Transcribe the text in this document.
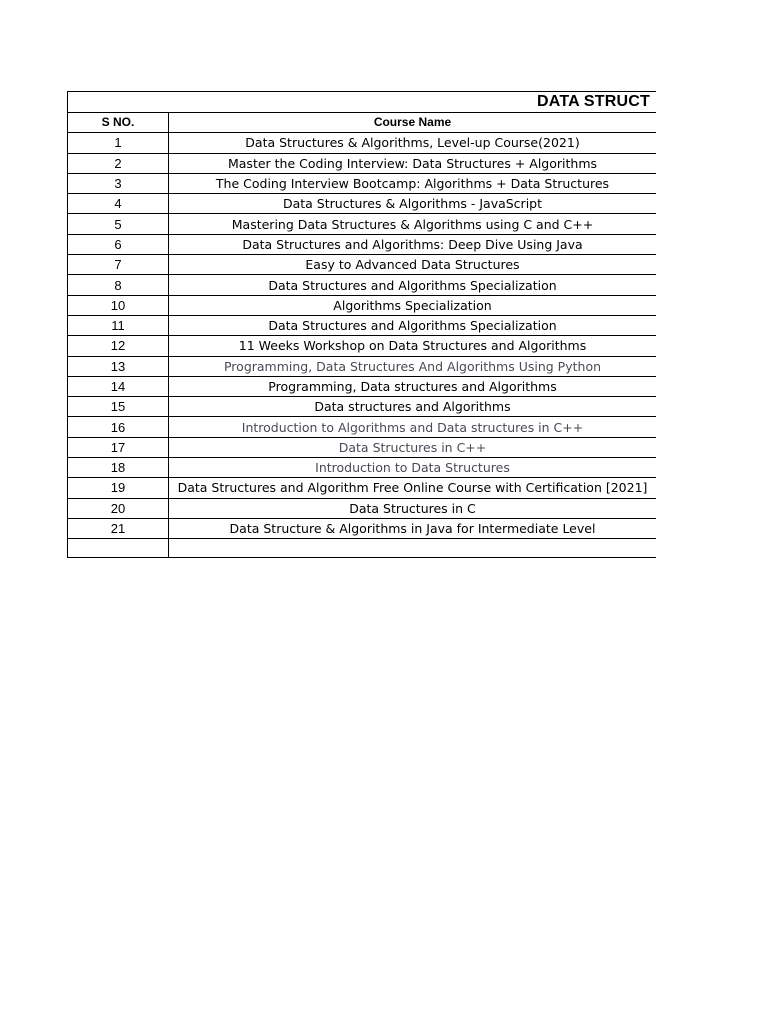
DATA STRUCT	

S NO.	Course Name
1	Data Structures & Algorithms, Level-up Course(2021)
2	Master the Coding Interview: Data Structures + Algorithms
3	The Coding Interview Bootcamp: Algorithms + Data Structures
4	Data Structures & Algorithms - JavaScript
5	Mastering Data Structures & Algorithms using C and C++
6	Data Structures and Algorithms: Deep Dive Using Java
7	Easy to Advanced Data Structures
8	Data Structures and Algorithms Specialization
10	Algorithms Specialization
11	Data Structures and Algorithms Specialization
12	11 Weeks Workshop on Data Structures and Algorithms
13	Programming, Data Structures And Algorithms Using Python
14	Programming, Data structures and Algorithms
15	Data structures and Algorithms
16	Introduction to Algorithms and Data structures in C++
17	Data Structures in C++
18	Introduction to Data Structures
19	Data Structures and Algorithm Free Online Course with Certification [2021]
20	Data Structures in C
21	Data Structure & Algorithms in Java for Intermediate Level
